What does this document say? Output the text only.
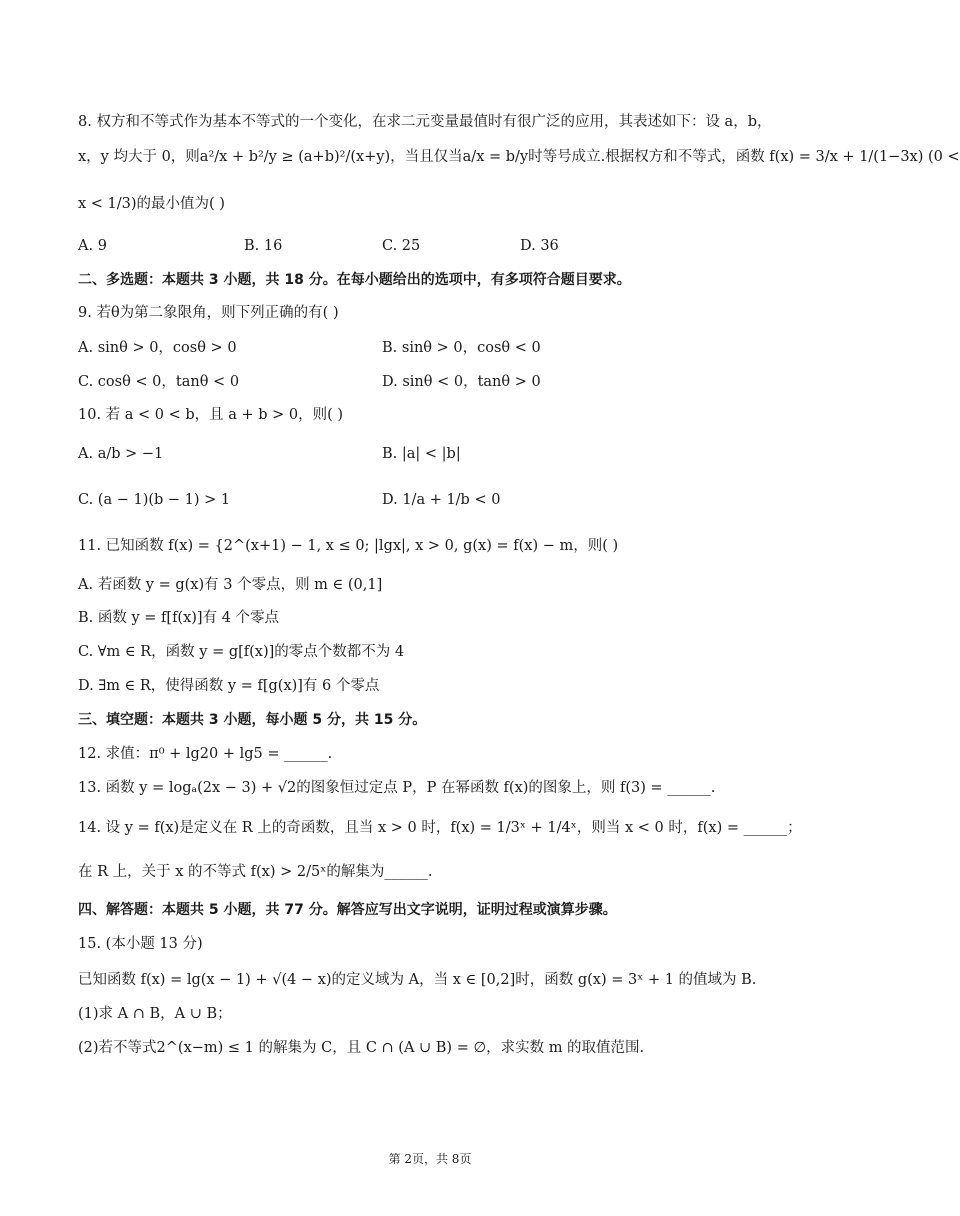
8. 权方和不等式作为基本不等式的一个变化，在求二元变量最值时有很广泛的应用，其表述如下：设 a，b，
x，y 均大于 0，则a²/x + b²/y ≥ (a+b)²/(x+y)，当且仅当a/x = b/y时等号成立.根据权方和不等式，函数 f(x) = 3/x + 1/(1−3x) (0 <
x < 1/3)的最小值为( )
A. 9	B. 16	C. 25	D. 36
二、多选题：本题共 3 小题，共 18 分。在每小题给出的选项中，有多项符合题目要求。
9. 若θ为第二象限角，则下列正确的有( )
A. sinθ > 0，cosθ > 0	B. sinθ > 0，cosθ < 0
C. cosθ < 0，tanθ < 0	D. sinθ < 0，tanθ > 0
10. 若 a < 0 < b，且 a + b > 0，则( )
A. a/b > −1	B. |a| < |b|
C. (a − 1)(b − 1) > 1	D. 1/a + 1/b < 0
11. 已知函数 f(x) = {2^(x+1) − 1, x ≤ 0; |lgx|, x > 0, g(x) = f(x) − m，则( )
A. 若函数 y = g(x)有 3 个零点，则 m ∈ (0,1]
B. 函数 y = f[f(x)]有 4 个零点
C. ∀m ∈ R，函数 y = g[f(x)]的零点个数都不为 4
D. ∃m ∈ R，使得函数 y = f[g(x)]有 6 个零点
三、填空题：本题共 3 小题，每小题 5 分，共 15 分。
12. 求值：π⁰ + lg20 + lg5 = ______.
13. 函数 y = logₐ(2x − 3) + √2的图象恒过定点 P，P 在幂函数 f(x)的图象上，则 f(3) = ______.
14. 设 y = f(x)是定义在 R 上的奇函数，且当 x > 0 时，f(x) = 1/3ˣ + 1/4ˣ，则当 x < 0 时，f(x) = ______；
在 R 上，关于 x 的不等式 f(x) > 2/5ˣ的解集为______.
四、解答题：本题共 5 小题，共 77 分。解答应写出文字说明，证明过程或演算步骤。
15. (本小题 13 分)
已知函数 f(x) = lg(x − 1) + √(4 − x)的定义域为 A，当 x ∈ [0,2]时，函数 g(x) = 3ˣ + 1 的值域为 B.
(1)求 A ∩ B，A ∪ B；
(2)若不等式2^(x−m) ≤ 1 的解集为 C，且 C ∩ (A ∪ B) = ∅，求实数 m 的取值范围.
第 2页，共 8页
